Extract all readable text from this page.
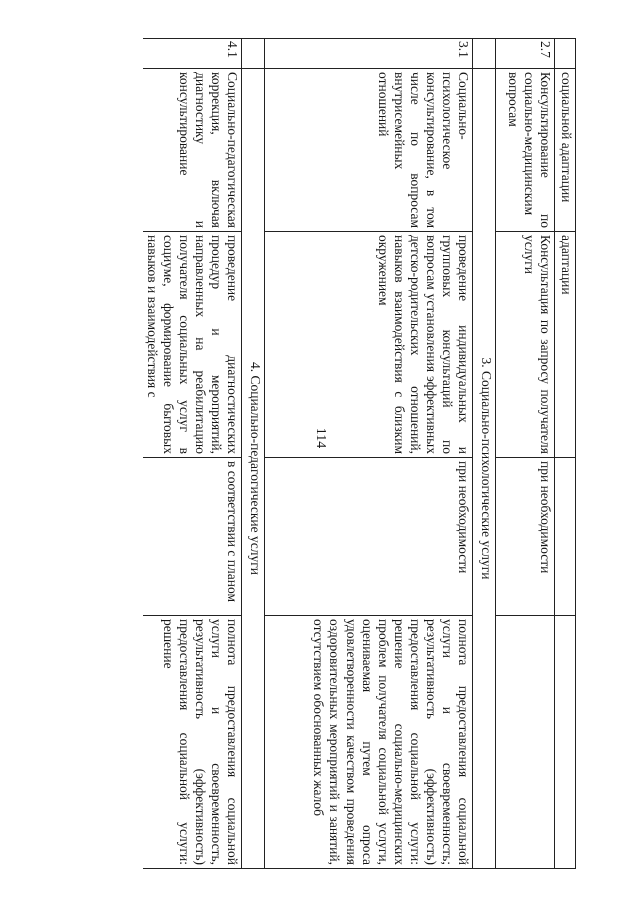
114
	социальной адаптации	адаптации		
2.7	Консультирование по социально-медицинским вопросам	Консультация по запросу получателя услуги	при необходимости	
	3. Социально-психологические услуги			
3.1	Социально-психологическое консультирование, в том числе по вопросам внутрисемейных отношений	проведение индивидуальных и групповых консультаций по вопросам установления эффективных детско-родительских отношений, навыков взаимодействия с близким окружением	при необходимости	полнота предоставления социальной услуги и своевременность; результативность (эффективность) предоставления социальной услуги: решение социально-медицинских проблем получателя социальной услуги, оцениваемая путем опроса удовлетворенности качеством проведения оздоровительных мероприятий и занятий, отсутствием обоснованных жалоб
	4. Социально-педагогические услуги			
4.1	Социально-педагогическая коррекция, включая диагностику и консультирование	проведение диагностических процедур и мероприятий, направленных на реабилитацию получателя социальных услуг в социуме, формирование бытовых навыков и взаимодействия с	в соответствии с планом	полнота предоставления социальной услуги и своевременность, результативность (эффективность) предоставления социальной услуги: решение
